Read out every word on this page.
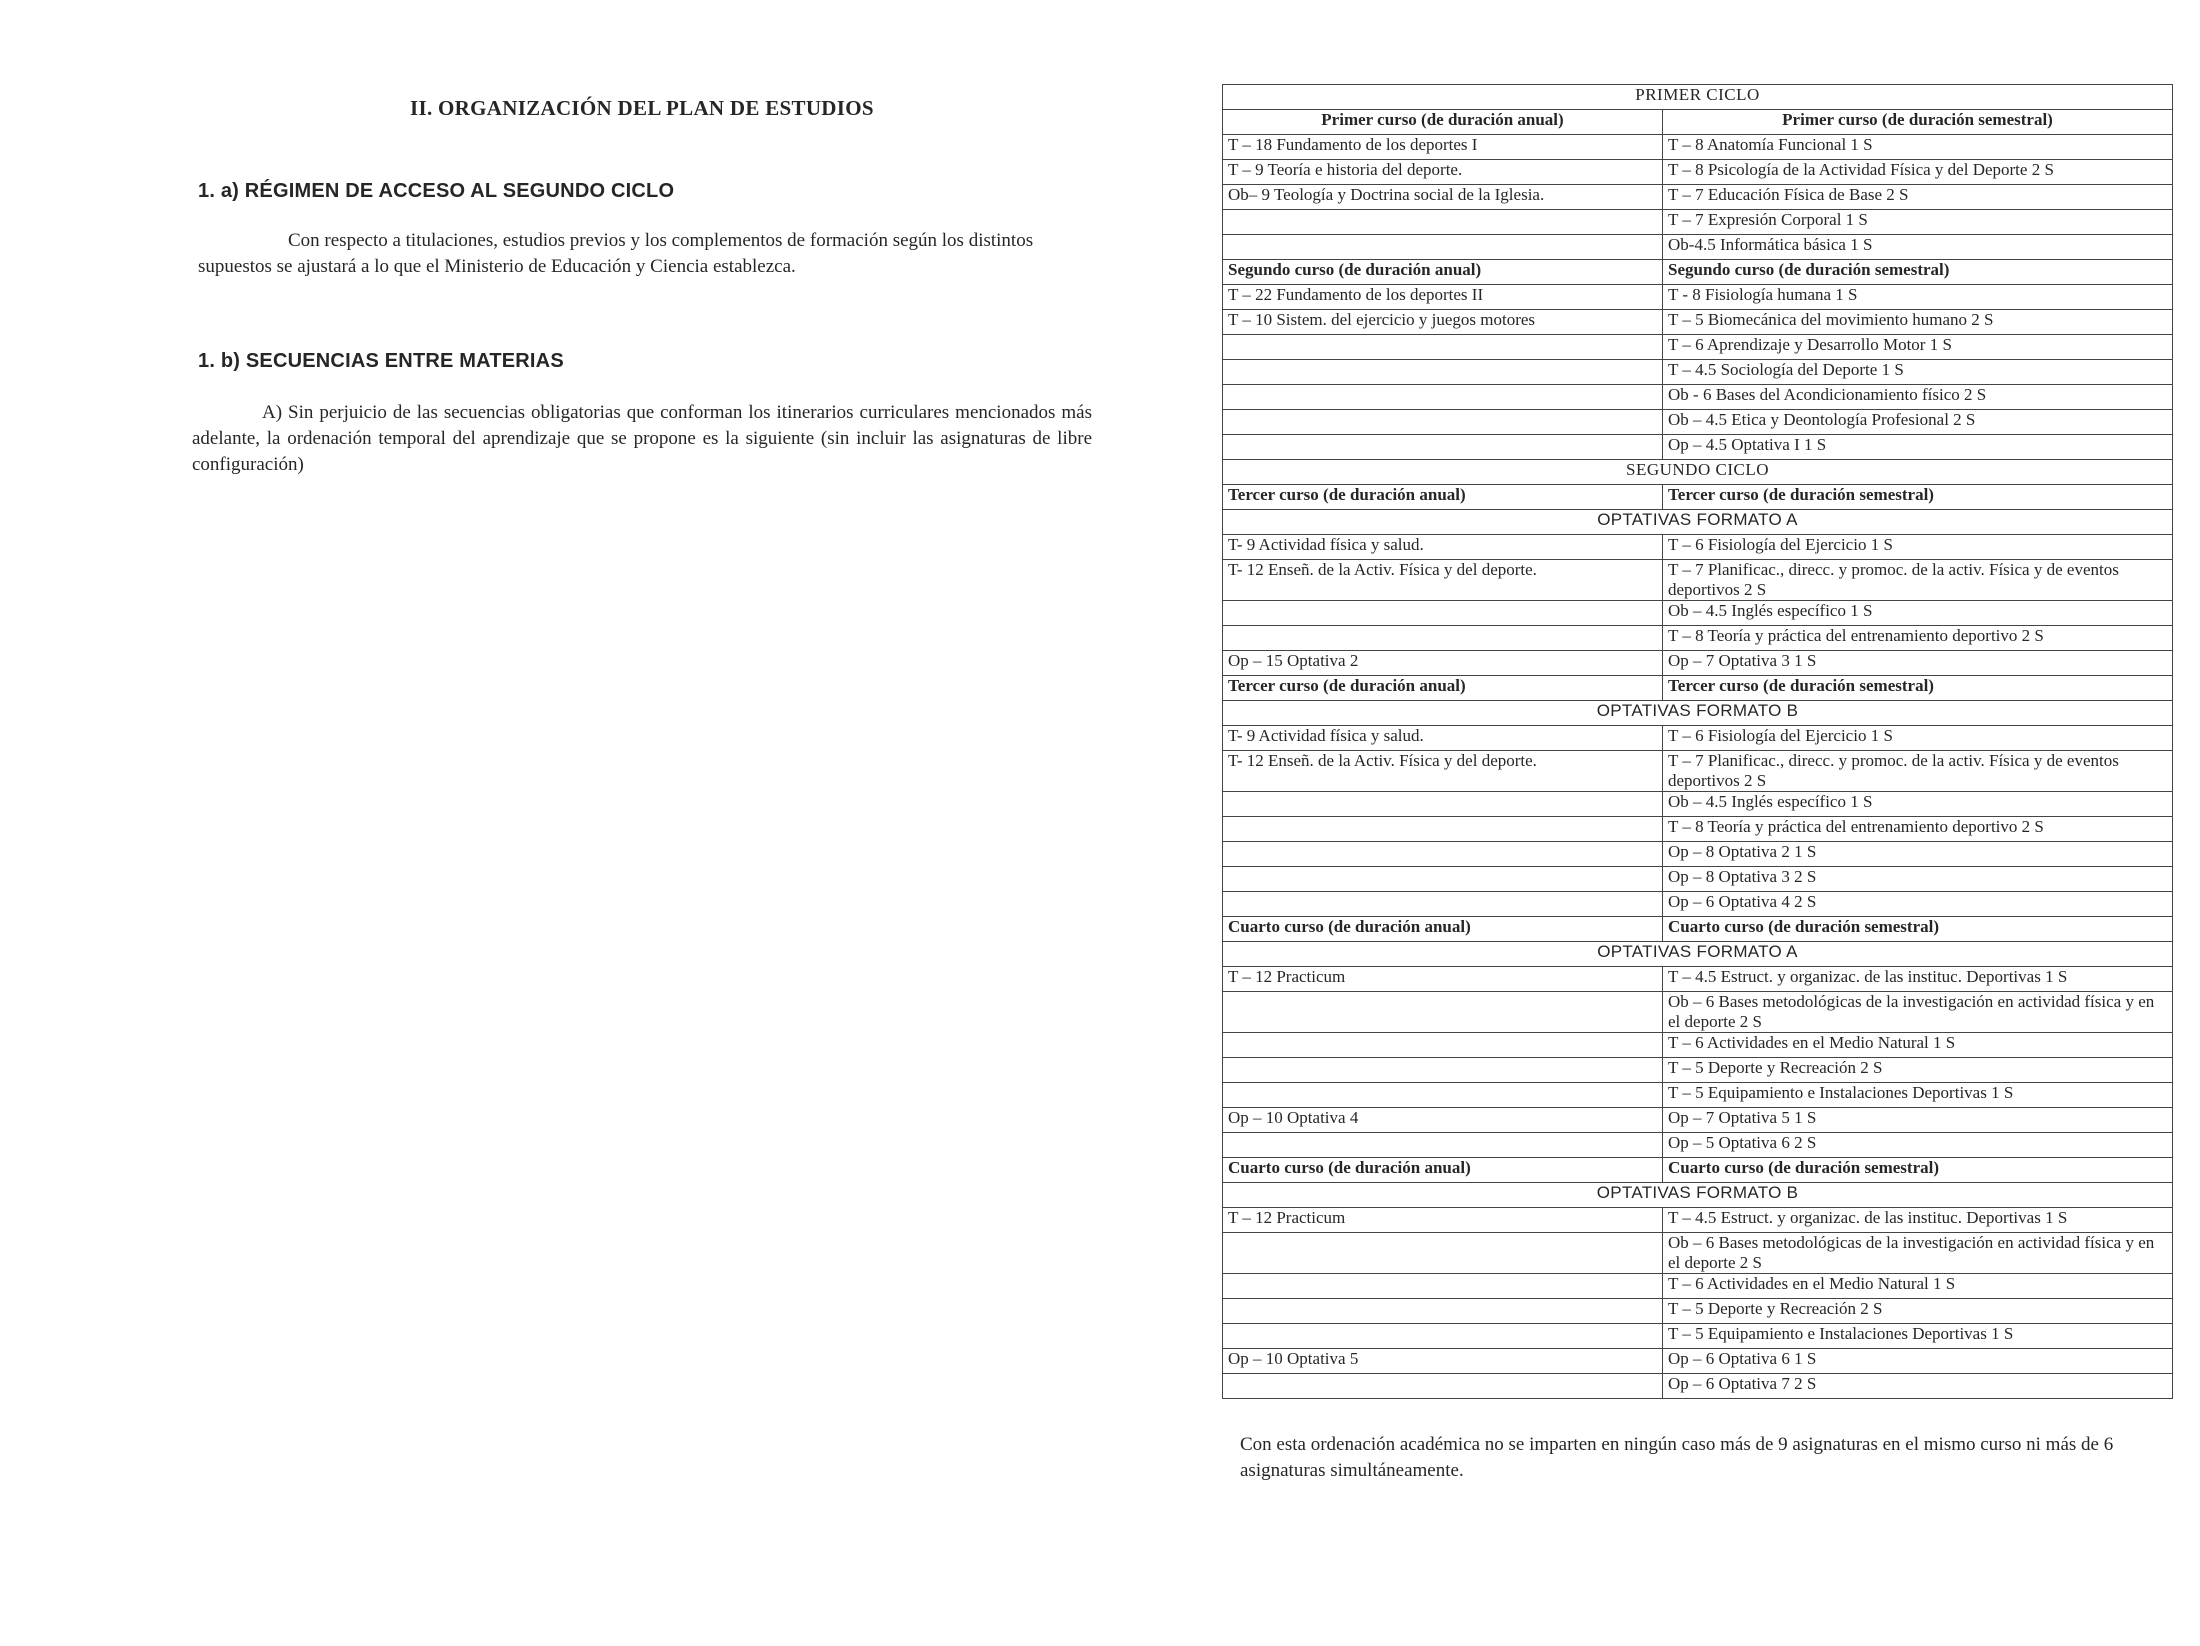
II. ORGANIZACIÓN DEL PLAN DE ESTUDIOS
1. a) RÉGIMEN DE ACCESO AL SEGUNDO CICLO

Con respecto a titulaciones, estudios previos y los complementos de formación según los distintos supuestos se ajustará a lo que el Ministerio de Educación y Ciencia establezca.

1. b) SECUENCIAS ENTRE MATERIAS

A) Sin perjuicio de las secuencias obligatorias que conforman los itinerarios curriculares mencionados más adelante, la ordenación temporal del aprendizaje que se propone es la siguiente (sin incluir las asignaturas de libre configuración)

PRIMER CICLO	
Primer curso (de duración anual)	Primer curso (de duración semestral)
T – 18 Fundamento de los deportes I	T – 8 Anatomía Funcional 1 S
T – 9 Teoría e historia del deporte.	T – 8 Psicología de la Actividad Física y del Deporte 2 S
Ob– 9 Teología y Doctrina social de la Iglesia.	T – 7 Educación Física de Base 2 S
	T – 7 Expresión Corporal 1 S
	Ob-4.5 Informática básica 1 S
Segundo curso (de duración anual)	Segundo curso (de duración semestral)
T – 22 Fundamento de los deportes II	T - 8 Fisiología humana 1 S
T – 10 Sistem. del ejercicio y juegos motores	T – 5 Biomecánica del movimiento humano 2 S
	T – 6 Aprendizaje y Desarrollo Motor 1 S
	T – 4.5 Sociología del Deporte 1 S
	Ob - 6 Bases del Acondicionamiento físico 2 S
	Ob – 4.5 Etica y Deontología Profesional 2 S
	Op – 4.5 Optativa I 1 S
SEGUNDO CICLO	
Tercer curso (de duración anual)	Tercer curso (de duración semestral)
OPTATIVAS FORMATO A	
T- 9 Actividad física y salud.	T – 6 Fisiología del Ejercicio 1 S
T- 12 Enseñ. de la Activ. Física y del deporte.	T – 7 Planificac., direcc. y promoc. de la activ. Física y de eventos deportivos 2 S
	Ob – 4.5 Inglés específico 1 S
	T – 8 Teoría y práctica del entrenamiento deportivo 2 S
Op – 15 Optativa 2	Op – 7 Optativa 3 1 S
Tercer curso (de duración anual)	Tercer curso (de duración semestral)
OPTATIVAS FORMATO B	
T- 9 Actividad física y salud.	T – 6 Fisiología del Ejercicio 1 S
T- 12 Enseñ. de la Activ. Física y del deporte.	T – 7 Planificac., direcc. y promoc. de la activ. Física y de eventos deportivos 2 S
	Ob – 4.5 Inglés específico 1 S
	T – 8 Teoría y práctica del entrenamiento deportivo 2 S
	Op – 8 Optativa 2 1 S
	Op – 8 Optativa 3 2 S
	Op – 6 Optativa 4 2 S
Cuarto curso (de duración anual)	Cuarto curso (de duración semestral)
OPTATIVAS FORMATO A	
T – 12 Practicum	T – 4.5 Estruct. y organizac. de las instituc. Deportivas 1 S
	Ob – 6 Bases metodológicas de la investigación en actividad física y en el deporte 2 S
	T – 6 Actividades en el Medio Natural 1 S
	T – 5 Deporte y Recreación 2 S
	T – 5 Equipamiento e Instalaciones Deportivas 1 S
Op – 10 Optativa 4	Op – 7 Optativa 5 1 S
	Op – 5 Optativa 6 2 S
Cuarto curso (de duración anual)	Cuarto curso (de duración semestral)
OPTATIVAS FORMATO B	
T – 12 Practicum	T – 4.5 Estruct. y organizac. de las instituc. Deportivas 1 S
	Ob – 6 Bases metodológicas de la investigación en actividad física y en el deporte 2 S
	T – 6 Actividades en el Medio Natural 1 S
	T – 5 Deporte y Recreación 2 S
	T – 5 Equipamiento e Instalaciones Deportivas 1 S
Op – 10 Optativa 5	Op – 6 Optativa 6 1 S
	Op – 6 Optativa 7 2 S

Con esta ordenación académica no se imparten en ningún caso más de 9 asignaturas en el mismo curso ni más de 6 asignaturas simultáneamente.
